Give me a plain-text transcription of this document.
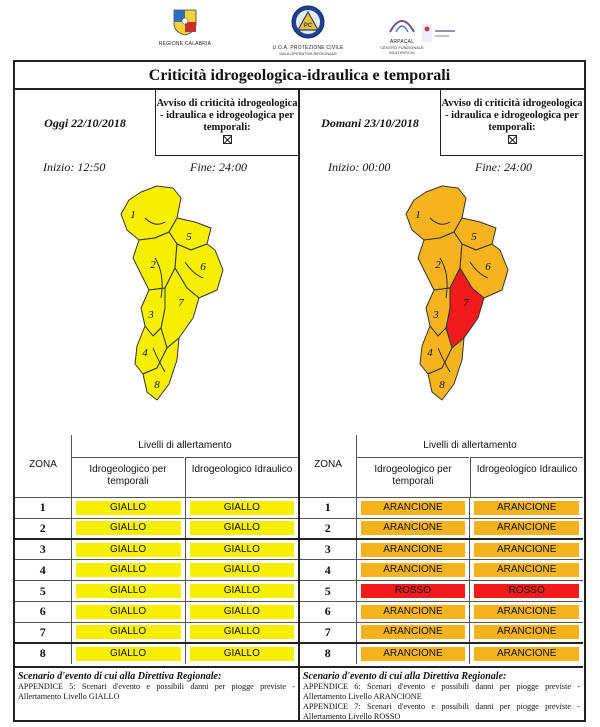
REGIONE CALABRIA
PC
U.O.A. PROTEZIONE CIVILE
SALA OPERATIVA REGIONALE
ARPACAL
CENTRO FUNZIONALE MULTIRISCHI
Criticità idrogeologica-idraulica e temporali
Oggi 22/10/2018
Avviso di criticità idrogeologica - idraulica e idrogeologica per temporali:
Inizio: 12:50	Fine: 24:00
1
5
2	6
7
3
4
8
ZONA
Livelli di allertamento
Idrogeologico per temporali
Idrogeologico Idraulico
1	GIALLO	GIALLO

2	GIALLO	GIALLO

3	GIALLO	GIALLO

4	GIALLO	GIALLO

5	GIALLO	GIALLO

6	GIALLO	GIALLO

7	GIALLO	GIALLO

8	GIALLO	GIALLO
Scenario d'evento di cui alla Direttiva Regionale:
APPENDICE 5: Scenari d'evento e possibili danni per piogge previste - Allertamento Livello GIALLO
Domani 23/10/2018
Avviso di criticità idrogeologica - idraulica e idrogeologica per temporali:
Inizio: 00:00	Fine: 24:00
1
5
2	6
7
3
4
8
ZONA
Livelli di allertamento
Idrogeologico per temporali
Idrogeologico Idraulico
1	ARANCIONE	ARANCIONE

2	ARANCIONE	ARANCIONE

3	ARANCIONE	ARANCIONE

4	ARANCIONE	ARANCIONE

5	ROSSO	ROSSO

6	ARANCIONE	ARANCIONE

7	ARANCIONE	ARANCIONE

8	ARANCIONE	ARANCIONE
Scenario d'evento di cui alla Direttiva Regionale:
APPENDICE 6: Scenari d'evento e possibili danni per piogge previste - Allertamento Livello ARANCIONE
APPENDICE 7: Scenari d'evento e possibili danni per piogge previste - Allertamento Livello ROSSO
